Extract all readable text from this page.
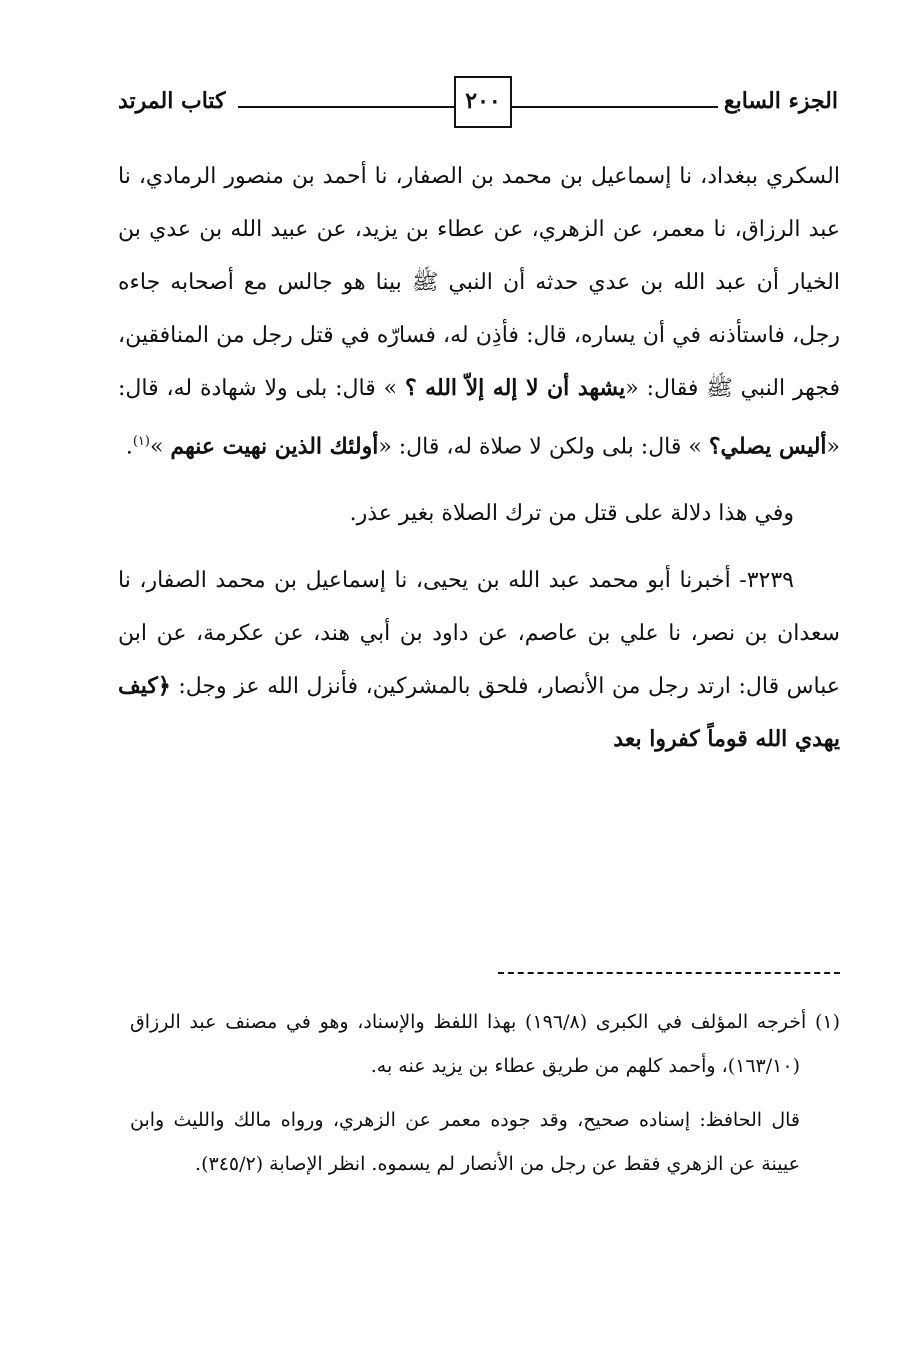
الجزء السابع
٢٠٠
كتاب المرتد

السكري ببغداد، نا إسماعيل بن محمد بن الصفار، نا أحمد بن منصور الرمادي، نا عبد الرزاق، نا معمر، عن الزهري، عن عطاء بن يزيد، عن عبيد الله بن عدي بن الخيار أن عبد الله بن عدي حدثه أن النبي ﷺ بينا هو جالس مع أصحابه جاءه رجل، فاستأذنه في أن يساره، قال: فأذِن له، فسارّه في قتل رجل من المنافقين، فجهر النبي ﷺ فقال: «يشهد أن لا إله إلاّ الله ؟ » قال: بلى ولا شهادة له، قال: «أليس يصلي؟ » قال: بلى ولكن لا صلاة له، قال: «أولئك الذين نهيت عنهم »$^{(١)}$.

وفي هذا دلالة على قتل من ترك الصلاة بغير عذر.

٣٢٣٩- أخبرنا أبو محمد عبد الله بن يحيى، نا إسماعيل بن محمد الصفار، نا سعدان بن نصر، نا علي بن عاصم، عن داود بن أبي هند، عن عكرمة، عن ابن عباس قال: ارتد رجل من الأنصار، فلحق بالمشركين، فأنزل الله عز وجل: ﴿كيف يهدي الله قوماً كفروا بعد

(١) أخرجه المؤلف في الكبرى (١٩٦/٨) بهذا اللفظ والإسناد، وهو في مصنف عبد الرزاق (١٦٣/١٠)، وأحمد كلهم من طريق عطاء بن يزيد عنه به.

قال الحافظ: إسناده صحيح، وقد جوده معمر عن الزهري، ورواه مالك والليث وابن عيينة عن الزهري فقط عن رجل من الأنصار لم يسموه. انظر الإصابة (٣٤٥/٢).
